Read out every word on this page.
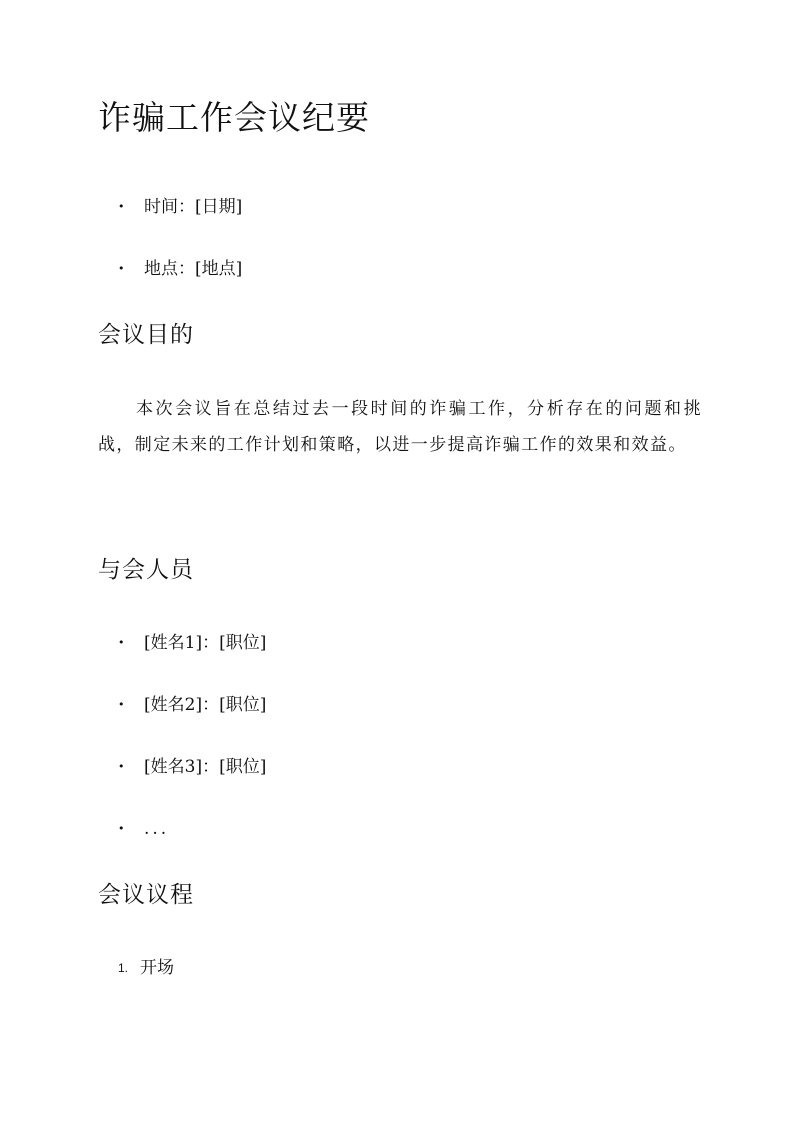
诈骗工作会议纪要
• 时间：[日期]
• 地点：[地点]
会议目的

本次会议旨在总结过去一段时间的诈骗工作，分析存在的问题和挑战，制定未来的工作计划和策略，以进一步提高诈骗工作的效果和效益。

与会人员
• [姓名1]：[职位]
• [姓名2]：[职位]
• [姓名3]：[职位]
• ...
会议议程
1. 开场
